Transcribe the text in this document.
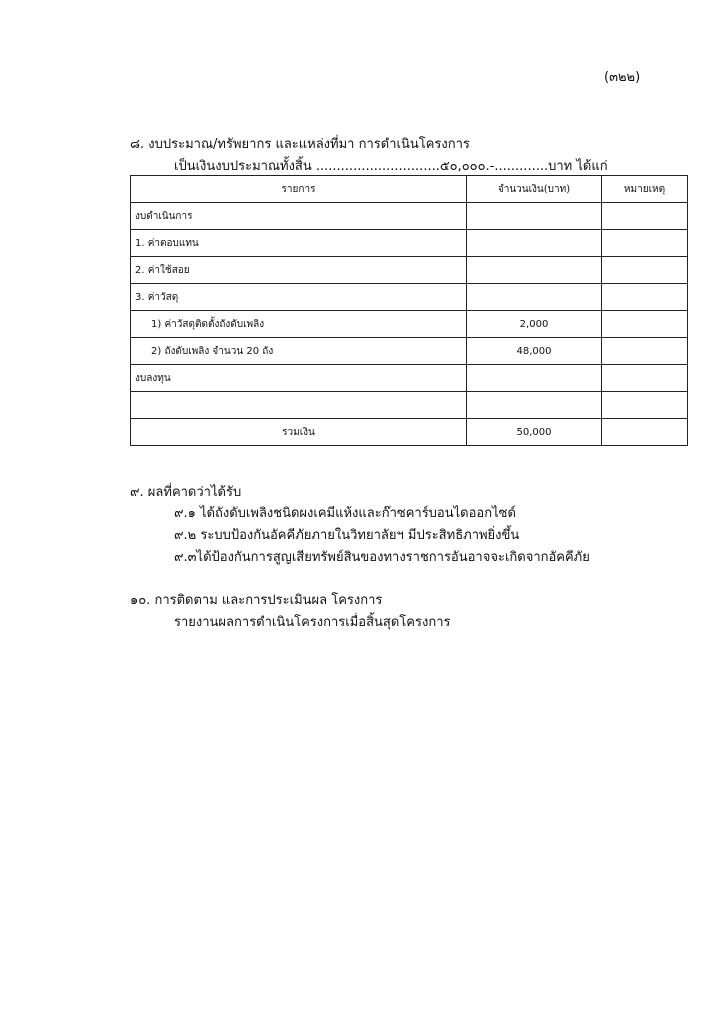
(๓๒๒)
๘. งบประมาณ/ทรัพยากร และแหล่งที่มา การดำเนินโครงการ
เป็นเงินงบประมาณทั้งสิ้น ..............................๕๐,๐๐๐.-.............บาท ได้แก่
รายการ	จำนวนเงิน(บาท)	หมายเหตุ
งบดำเนินการ		
1. ค่าตอบแทน		
2. ค่าใช้สอย		
3. ค่าวัสดุ		
1) ค่าวัสดุติดตั้งถังดับเพลิง	2,000	
2) ถังดับเพลิง จำนวน 20 ถัง	48,000	
งบลงทุน		

รวมเงิน	50,000	
๙. ผลที่คาดว่าได้รับ
๙.๑ ได้ถังดับเพลิงชนิดผงเคมีแห้งและก๊าซคาร์บอนไดออกไซด์
๙.๒ ระบบป้องกันอัคคีภัยภายในวิทยาลัยฯ มีประสิทธิภาพยิ่งขึ้น
๙.๓ได้ป้องกันการสูญเสียทรัพย์สินของทางราชการอันอาจจะเกิดจากอัคคีภัย
๑๐. การติดตาม และการประเมินผล โครงการ
รายงานผลการดำเนินโครงการเมื่อสิ้นสุดโครงการ
